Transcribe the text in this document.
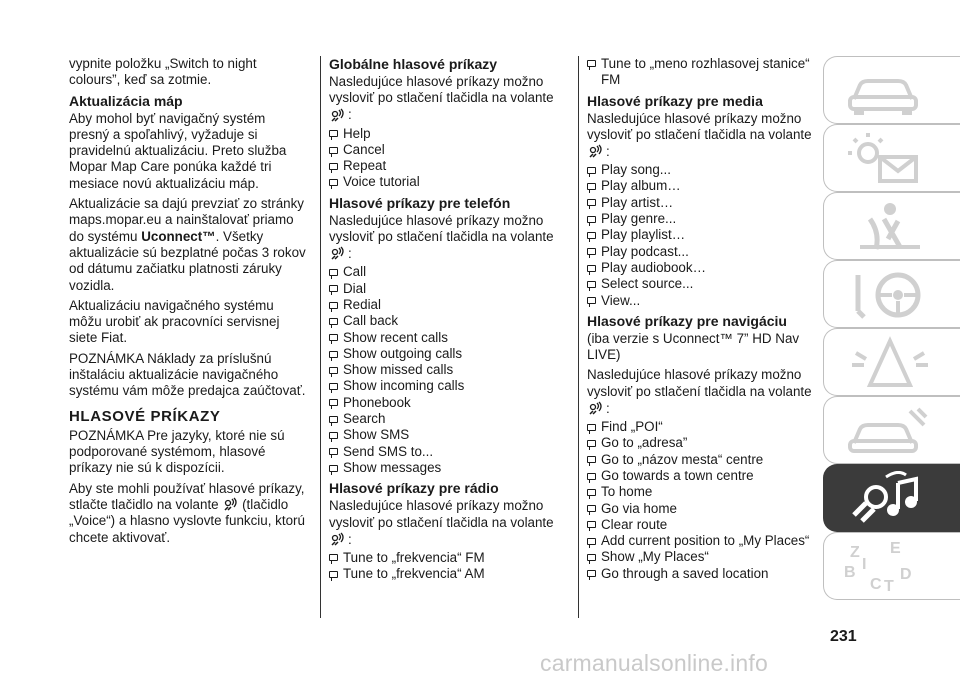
vypnite položku „Switch to night colours”, keď sa zotmie.

Aktualizácia máp

Aby mohol byť navigačný systém presný a spoľahlivý, vyžaduje si pravidelnú aktualizáciu. Preto služba Mopar Map Care ponúka každé tri mesiace novú aktualizáciu máp.

Aktualizácie sa dajú prevziať zo stránky maps.mopar.eu a nainštalovať priamo do systému Uconnect™. Všetky aktualizácie sú bezplatné počas 3 rokov od dátumu začiatku platnosti záruky vozidla.

Aktualizáciu navigačného systému môžu urobiť ak pracovníci servisnej siete Fiat.

POZNÁMKA Náklady za príslušnú inštaláciu aktualizácie navigačného systému vám môže predajca zaúčtovať.

HLASOVÉ PRÍKAZY

POZNÁMKA Pre jazyky, ktoré nie sú podporované systémom, hlasové príkazy nie sú k dispozícii.

Aby ste mohli používať hlasové príkazy, stlačte tlačidlo na volante  (tlačidlo „Voice“) a hlasno vyslovte funkciu, ktorú chcete aktivovať.

Globálne hlasové príkazy

Nasledujúce hlasové príkazy možno vysloviť po stlačení tlačidla na volante

:
Help
Cancel
Repeat
Voice tutorial
Hlasové príkazy pre telefón

Nasledujúce hlasové príkazy možno vysloviť po stlačení tlačidla na volante

:
Call
Dial
Redial
Call back
Show recent calls
Show outgoing calls
Show missed calls
Show incoming calls
Phonebook
Search
Show SMS
Send SMS to...
Show messages
Hlasové príkazy pre rádio

Nasledujúce hlasové príkazy možno vysloviť po stlačení tlačidla na volante

:
Tune to „frekvencia“ FM
Tune to „frekvencia“ AM
Tune to „meno rozhlasovej stanice“ FM
Hlasové príkazy pre media

Nasledujúce hlasové príkazy možno vysloviť po stlačení tlačidla na volante

:
Play song...
Play album…
Play artist…
Play genre...
Play playlist…
Play podcast...
Play audiobook…
Select source...
View...
Hlasové príkazy pre navigáciu

(iba verzie s Uconnect™ 7” HD Nav LIVE)

Nasledujúce hlasové príkazy možno vysloviť po stlačení tlačidla na volante

:
Find „POI“
Go to „adresa”
Go to „názov mesta“ centre
Go towards a town centre
To home
Go via home
Clear route
Add current position to „My Places“
Show „My Places“
Go through a saved location
Z E
B
C
D
I
T
231
carmanualsonline.info
